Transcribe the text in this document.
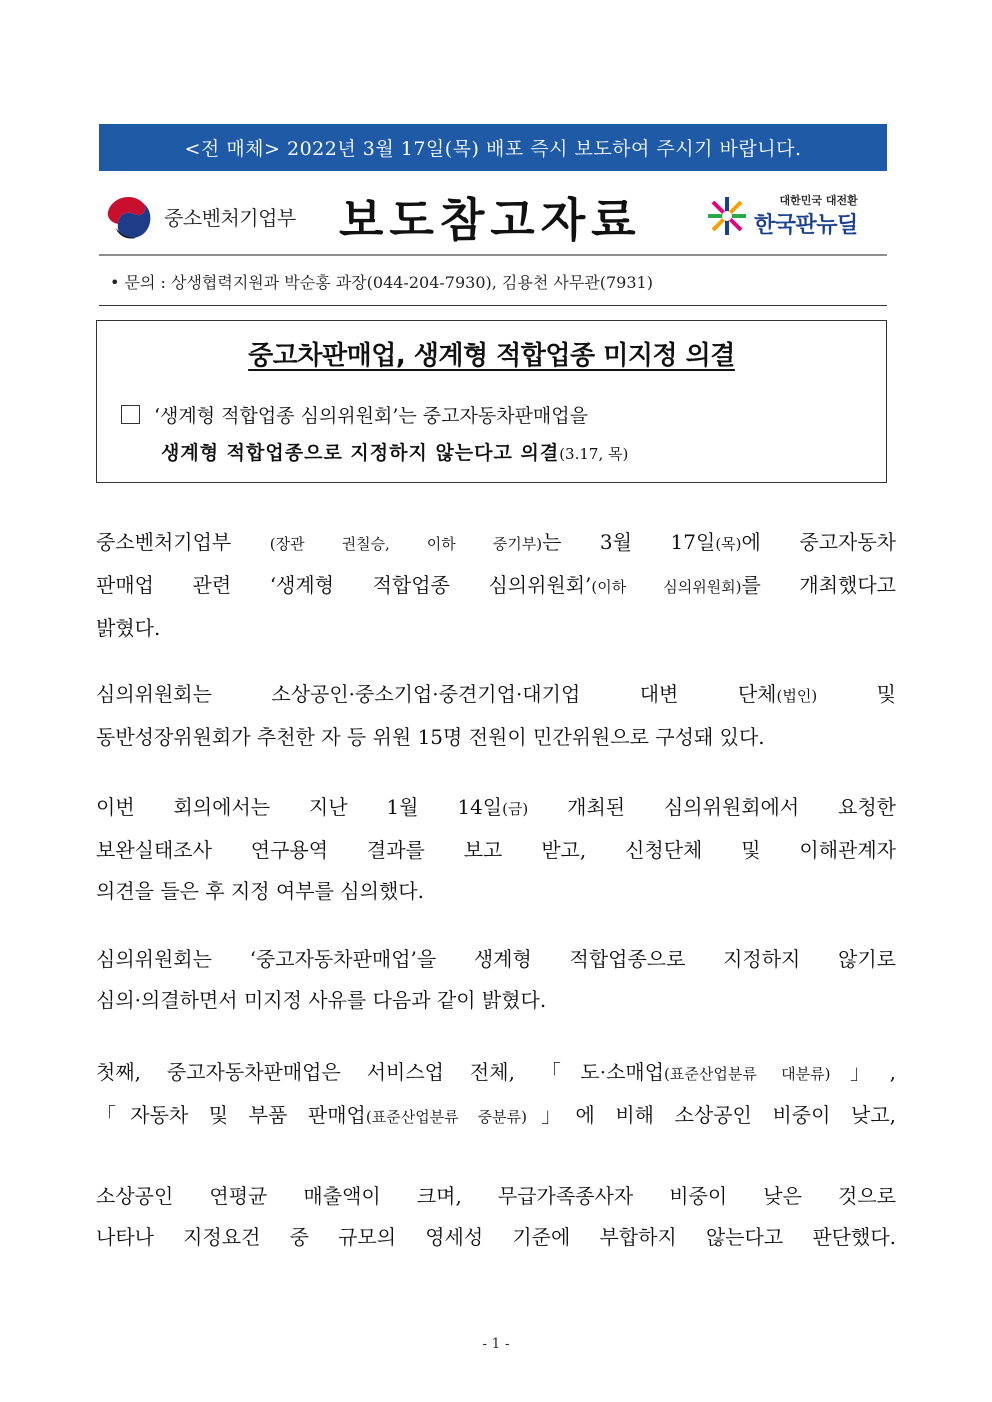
<전 매체> 2022년 3월 17일(목) 배포 즉시 보도하여 주시기 바랍니다.
중소벤처기업부 보도참고자료	대한민국 대전환
한국판뉴딜
• 문의 : 상생협력지원과 박순홍 과장(044-204-7930), 김용천 사무관(7931)
중고차판매업, 생계형 적합업종 미지정 의결
‘생계형 적합업종 심의위원회’는 중고자동차판매업을
생계형 적합업종으로 지정하지 않는다고 의결(3.17, 목)
중소벤처기업부 (장관 권칠승, 이하 중기부)는 3월 17일(목)에 중고자동차
판매업 관련 ‘생계형 적합업종 심의위원회’(이하 심의위원회)를 개최했다고
밝혔다.
심의위원회는 소상공인·중소기업·중견기업·대기업 대변 단체(법인) 및
동반성장위원회가 추천한 자 등 위원 15명 전원이 민간위원으로 구성돼 있다.
이번 회의에서는 지난 1월 14일(금) 개최된 심의위원회에서 요청한
보완실태조사 연구용역 결과를 보고 받고, 신청단체 및 이해관계자
의견을 들은 후 지정 여부를 심의했다.
심의위원회는 ‘중고자동차판매업’을 생계형 적합업종으로 지정하지 않기로
심의·의결하면서 미지정 사유를 다음과 같이 밝혔다.
첫째, 중고자동차판매업은 서비스업 전체, 「도·소매업(표준산업분류 대분류)」,
「자동차 및 부품 판매업(표준산업분류 중분류)」에 비해 소상공인 비중이 낮고,
소상공인 연평균 매출액이 크며, 무급가족종사자 비중이 낮은 것으로
나타나 지정요건 중 규모의 영세성 기준에 부합하지 않는다고 판단했다.
- 1 -
